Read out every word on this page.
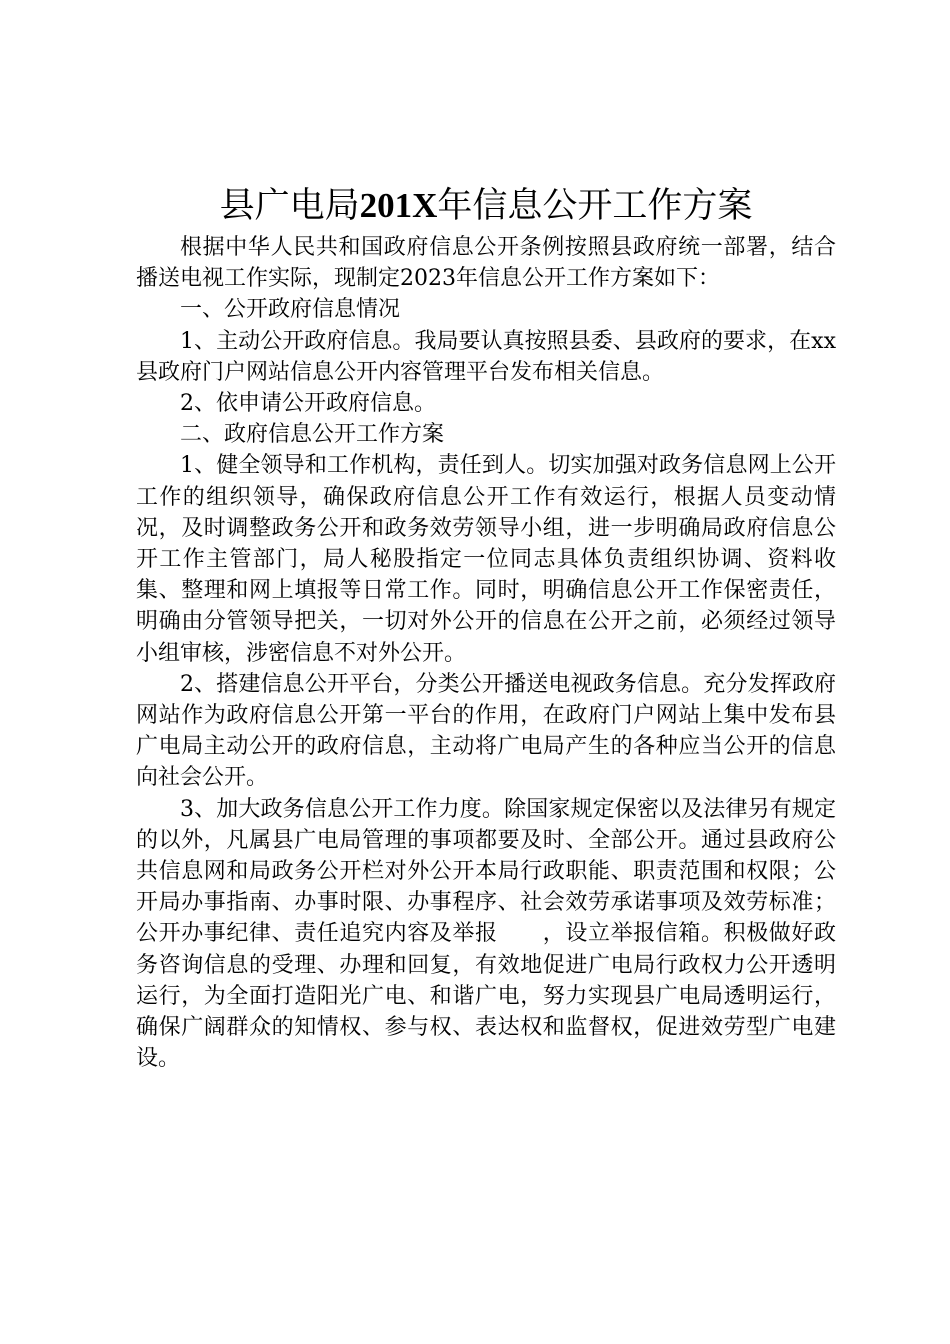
县广电局201X年信息公开工作方案

根据中华人民共和国政府信息公开条例按照县政府统一部署，结合播送电视工作实际，现制定2023年信息公开工作方案如下：

一、公开政府信息情况

1、主动公开政府信息。我局要认真按照县委、县政府的要求，在xx县政府门户网站信息公开内容管理平台发布相关信息。

2、依申请公开政府信息。

二、政府信息公开工作方案

1、健全领导和工作机构，责任到人。切实加强对政务信息网上公开工作的组织领导，确保政府信息公开工作有效运行，根据人员变动情况，及时调整政务公开和政务效劳领导小组，进一步明确局政府信息公开工作主管部门，局人秘股指定一位同志具体负责组织协调、资料收集、整理和网上填报等日常工作。同时，明确信息公开工作保密责任，明确由分管领导把关，一切对外公开的信息在公开之前，必须经过领导小组审核，涉密信息不对外公开。

2、搭建信息公开平台，分类公开播送电视政务信息。充分发挥政府网站作为政府信息公开第一平台的作用，在政府门户网站上集中发布县广电局主动公开的政府信息，主动将广电局产生的各种应当公开的信息向社会公开。

3、加大政务信息公开工作力度。除国家规定保密以及法律另有规定的以外，凡属县广电局管理的事项都要及时、全部公开。通过县政府公共信息网和局政务公开栏对外公开本局行政职能、职责范围和权限；公开局办事指南、办事时限、办事程序、社会效劳承诺事项及效劳标准；公开办事纪律、责任追究内容及举报　　，设立举报信箱。积极做好政务咨询信息的受理、办理和回复，有效地促进广电局行政权力公开透明运行，为全面打造阳光广电、和谐广电，努力实现县广电局透明运行，确保广阔群众的知情权、参与权、表达权和监督权，促进效劳型广电建设。
